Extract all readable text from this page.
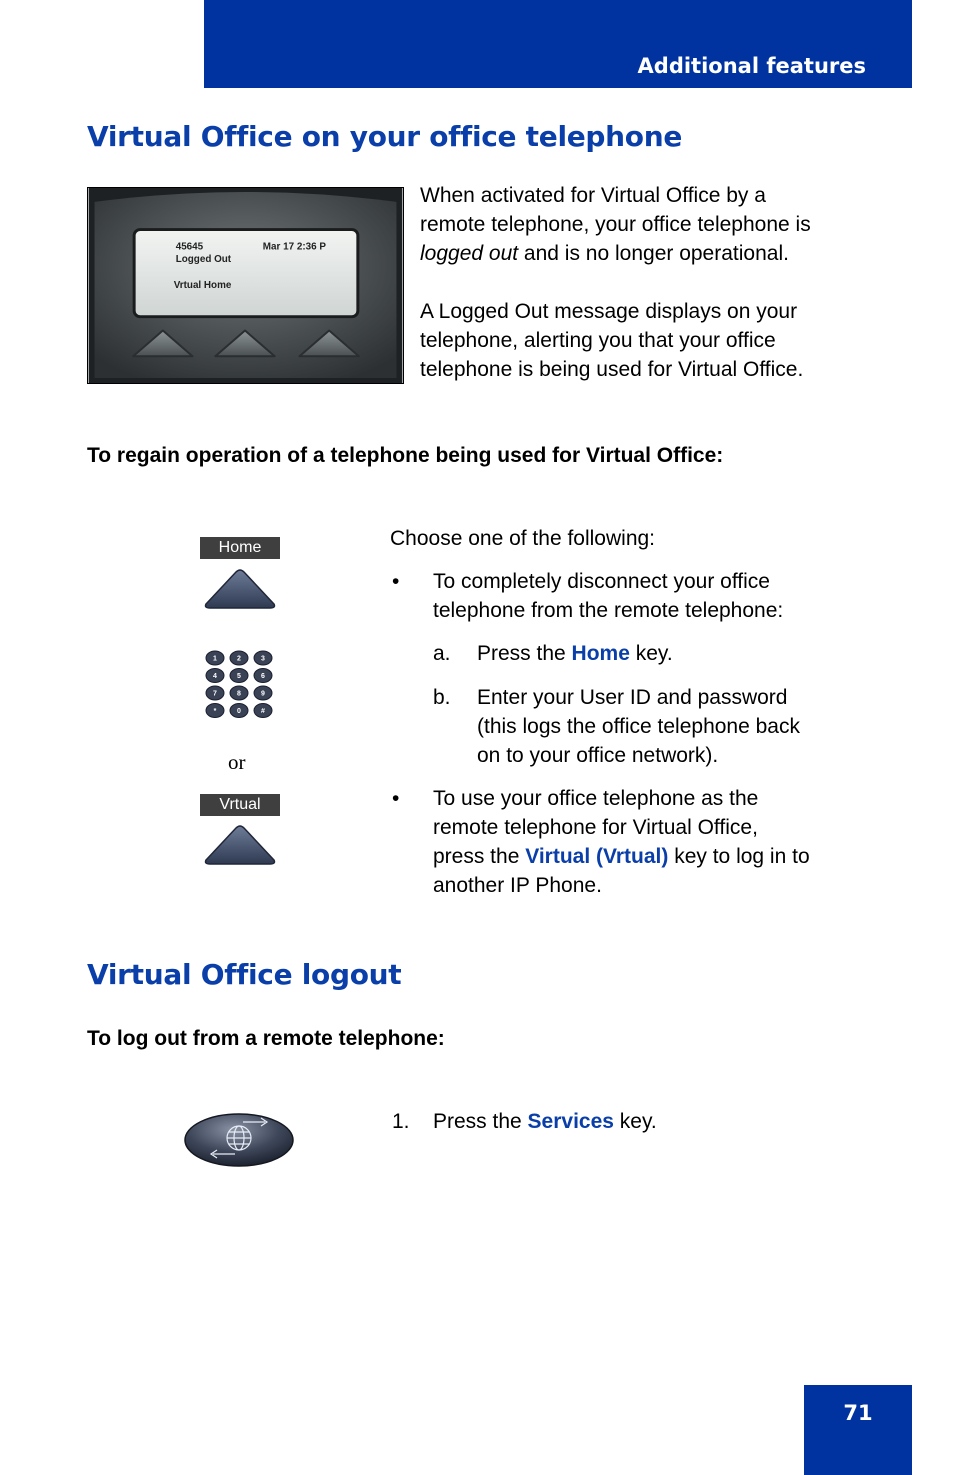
Additional features
Virtual Office on your office telephone
45645	Mar 17 2:36 P
Logged Out
Vrtual Home
When activated for Virtual Office by a
remote telephone, your office telephone is
logged out and is no longer operational.
A Logged Out message displays on your
telephone, alerting you that your office
telephone is being used for Virtual Office.
To regain operation of a telephone being used for Virtual Office:
Home
1	2	3
4	5	6
7	8	9
*	0	#
or
Vrtual
Choose one of the following:
• To completely disconnect your office
telephone from the remote telephone:
a. Press the Home key.
b. Enter your User ID and password
(this logs the office telephone back
on to your office network).
• To use your office telephone as the
remote telephone for Virtual Office,
press the Virtual (Vrtual) key to log in to
another IP Phone.
Virtual Office logout
To log out from a remote telephone:
1. Press the Services key.
71
